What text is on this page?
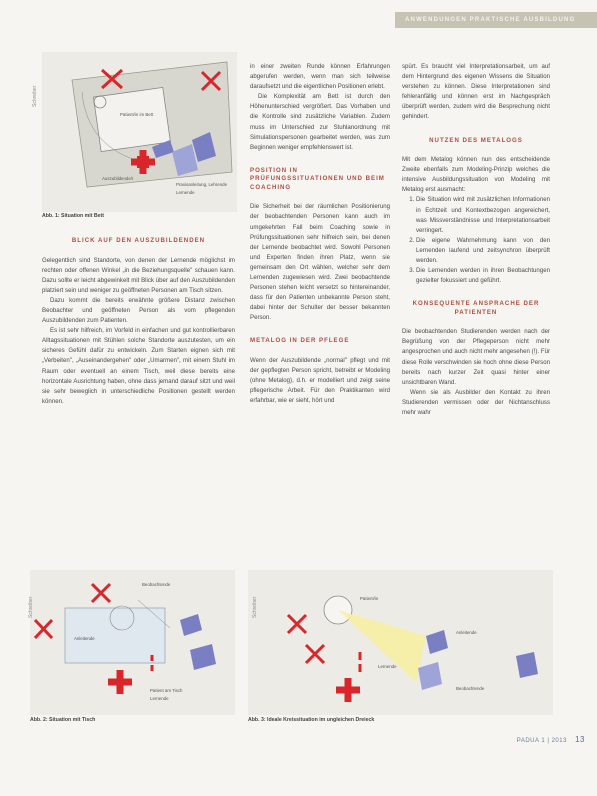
ANWENDUNGEN PRAKTISCHE AUSBILDUNG
Schreiber
Patient/in im Bett
Auszubildende/r
Praxisanleitung, Lehrende
Lernende
Abb. 1: Situation mit Bett
BLICK AUF DEN AUSZUBILDENDEN

Gelegentlich sind Standorte, von denen der Lernende möglichst im rechten oder offenen Winkel „in die Beziehungsquelle" schauen kann. Dazu sollte er leicht abgewinkelt mit Blick über auf den Auszubildenden platziert sein und weniger zu geöffneten Personen am Tisch sitzen.

Dazu kommt die bereits erwähnte größere Distanz zwischen Beobachter und geöffneten Person als vom pflegenden Auszubildenden zum Patienten.

Es ist sehr hilfreich, im Vorfeld in einfachen und gut kontrollierbaren Alltagssituationen mit Stühlen solche Standorte auszutesten, um ein sicheres Gefühl dafür zu entwickeln. Zum Starten eignen sich mit „Verbeiten", „Auseinandergehen" oder „Umarmen", mit einem Stuhl im Raum oder eventuell an einem Tisch, weil diese bereits eine horizontale Ausrichtung haben, ohne dass jemand darauf sitzt und weil sie sehr beweglich in unterschiedliche Positionen gestellt werden können.

in einer zweiten Runde können Erfahrungen abgerufen werden, wenn man sich teilweise daraufsetzt und die eigentlichen Positionen erlebt.

Die Komplexität am Bett ist durch den Höhenunterschied vergrößert. Das Vorhaben und die Kontrolle sind zusätzliche Variablen. Zudem muss im Unterschied zur Stuhlanordnung mit Simulationspersonen gearbeitet werden, was zum Beginnen weniger empfehlenswert ist.

POSITION IN PRÜFUNGSSITUATIONEN UND BEIM COACHING

Die Sicherheit bei der räumlichen Positionierung der beobachtenden Personen kann auch im umgekehrten Fall beim Coaching sowie in Prüfungssituationen sehr hilfreich sein, bei denen der Lernende beobachtet wird. Sowohl Personen und Experten finden ihren Platz, wenn sie gemeinsam den Ort wählen, welcher sehr dem Lernenden zugewiesen wird. Zwei beobachtende Personen stehen leicht versetzt so hintereinander, dass für den Patienten unbekannte Person steht, dabei hinter der Schulter der besser bekannten Person.

METALOG IN DER PFLEGE

Wenn der Auszubildende „normal" pflegt und mit der gepflegten Person spricht, betreibt er Modeling (ohne Metalog), d.h. er modelliert und zeigt seine pflegerische Arbeit. Für den Praktikanten wird erfahrbar, wie er sieht, hört und

spürt. Es braucht viel Interpretationsarbeit, um auf dem Hintergrund des eigenen Wissens die Situation verstehen zu können. Diese Interpretationen sind fehleranfällig und können erst im Nachgespräch überprüft werden, zudem wird die Besprechung nicht gehindert.

NUTZEN DES METALOGS

Mit dem Metalog können nun des entscheidende Zweite ebenfalls zum Modeling-Prinzip welches die intensive Ausbildungssituation von Modeling mit Metalog erst ausmacht:

1. Die Situation wird mit zusätzlichen Informationen in Echtzeit und Kontextbezogen angereichert, was Missverständnisse und Interpretationsarbeit verringert.
2. Die eigene Wahrnehmung kann von den Lernenden laufend und zeitsynchron überprüft werden.
3. Die Lernenden werden in ihren Beobachtungen gezielter fokussiert und geführt.
KONSEQUENTE ANSPRACHE DER PATIENTEN

Die beobachtenden Studierenden werden nach der Begrüßung von der Pflegeperson nicht mehr angesprochen und auch nicht mehr angesehen (!). Für diese Rolle verschwinden sie hoch ohne diese Person bereits nach kurzer Zeit quasi hinter einer unsichtbaren Wand.

Wenn sie als Ausbilder den Kontakt zu ihren Studierenden vermissen oder der Nichtanschluss mehr wahr

Schreiber
Beobachtende
Anleitende
Patient am Tisch
Lernende
Abb. 2: Situation mit Tisch
Schreiber	Patient/in
Anleitende
Lernende
Beobachtende
Abb. 3: Ideale Kreissituation im ungleichen Dreieck
PADUA 1 | 2013 13
